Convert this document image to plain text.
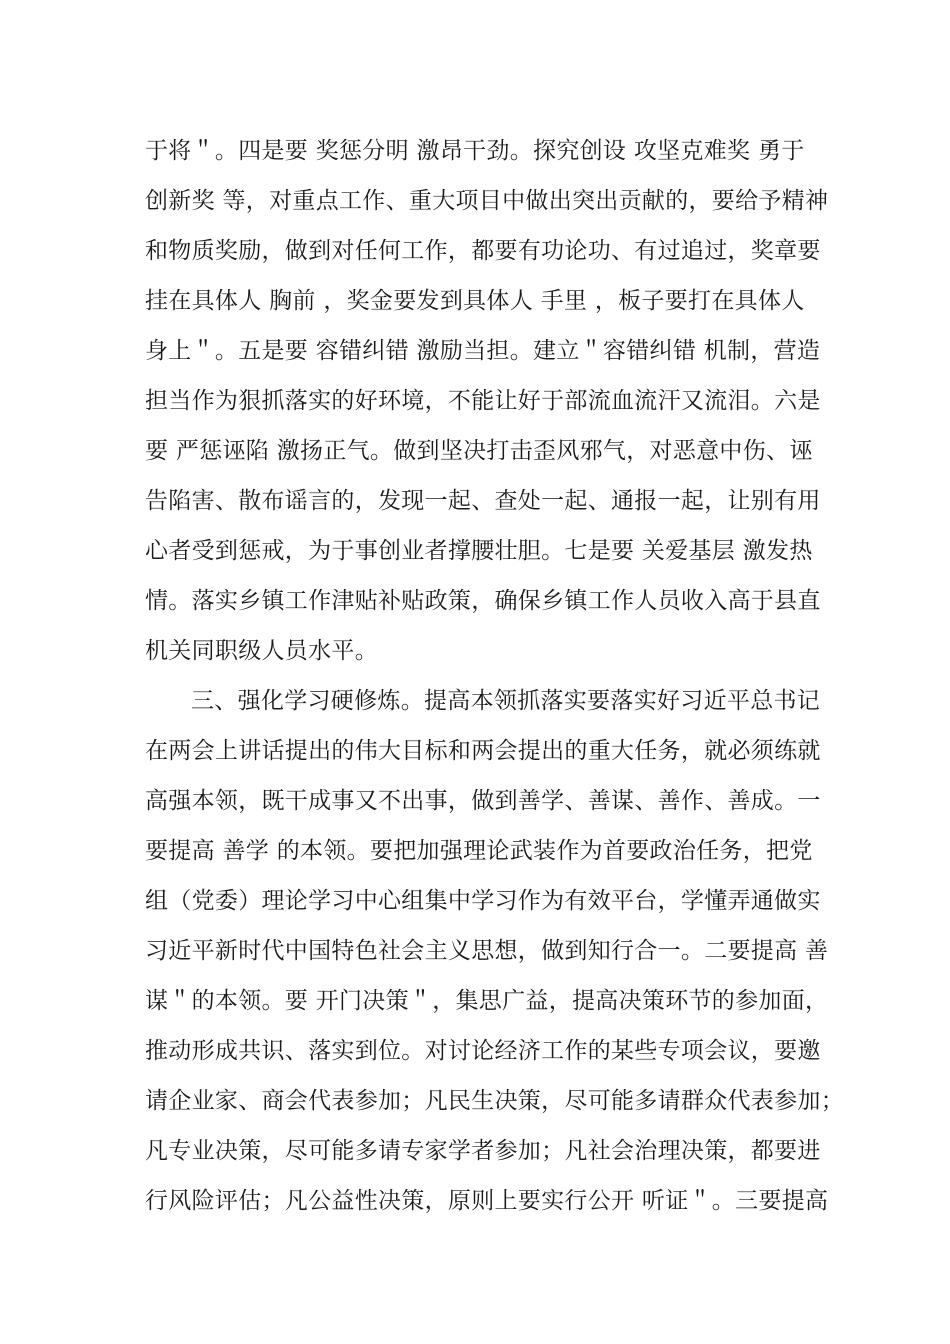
于将＂。四是要 奖惩分明 激昂干劲。探究创设 攻坚克难奖 勇于
创新奖 等，对重点工作、重大项目中做出突出贡献的，要给予精神
和物质奖励，做到对任何工作，都要有功论功、有过追过，奖章要
挂在具体人 胸前 ，奖金要发到具体人 手里 ，板子要打在具体人
身上＂。五是要 容错纠错 激励当担。建立＂容错纠错 机制，营造
担当作为狠抓落实的好环境，不能让好于部流血流汗又流泪。六是
要 严惩诬陷 激扬正气。做到坚决打击歪风邪气，对恶意中伤、诬
告陷害、散布谣言的，发现一起、查处一起、通报一起，让别有用
心者受到惩戒，为于事创业者撑腰壮胆。七是要 关爱基层 激发热
情。落实乡镇工作津贴补贴政策，确保乡镇工作人员收入高于县直
机关同职级人员水平。
三、强化学习硬修炼。提高本领抓落实要落实好习近平总书记
在两会上讲话提出的伟大目标和两会提出的重大任务，就必须练就
高强本领，既干成事又不出事，做到善学、善谋、善作、善成。一
要提高 善学 的本领。要把加强理论武装作为首要政治任务，把党
组（党委）理论学习中心组集中学习作为有效平台，学懂弄通做实
习近平新时代中国特色社会主义思想，做到知行合一。二要提高 善
谋＂的本领。要 开门决策＂，集思广益，提高决策环节的参加面，
推动形成共识、落实到位。对讨论经济工作的某些专项会议，要邀
请企业家、商会代表参加；凡民生决策，尽可能多请群众代表参加；
凡专业决策，尽可能多请专家学者参加；凡社会治理决策，都要进
行风险评估；凡公益性决策，原则上要实行公开 听证＂。三要提高
